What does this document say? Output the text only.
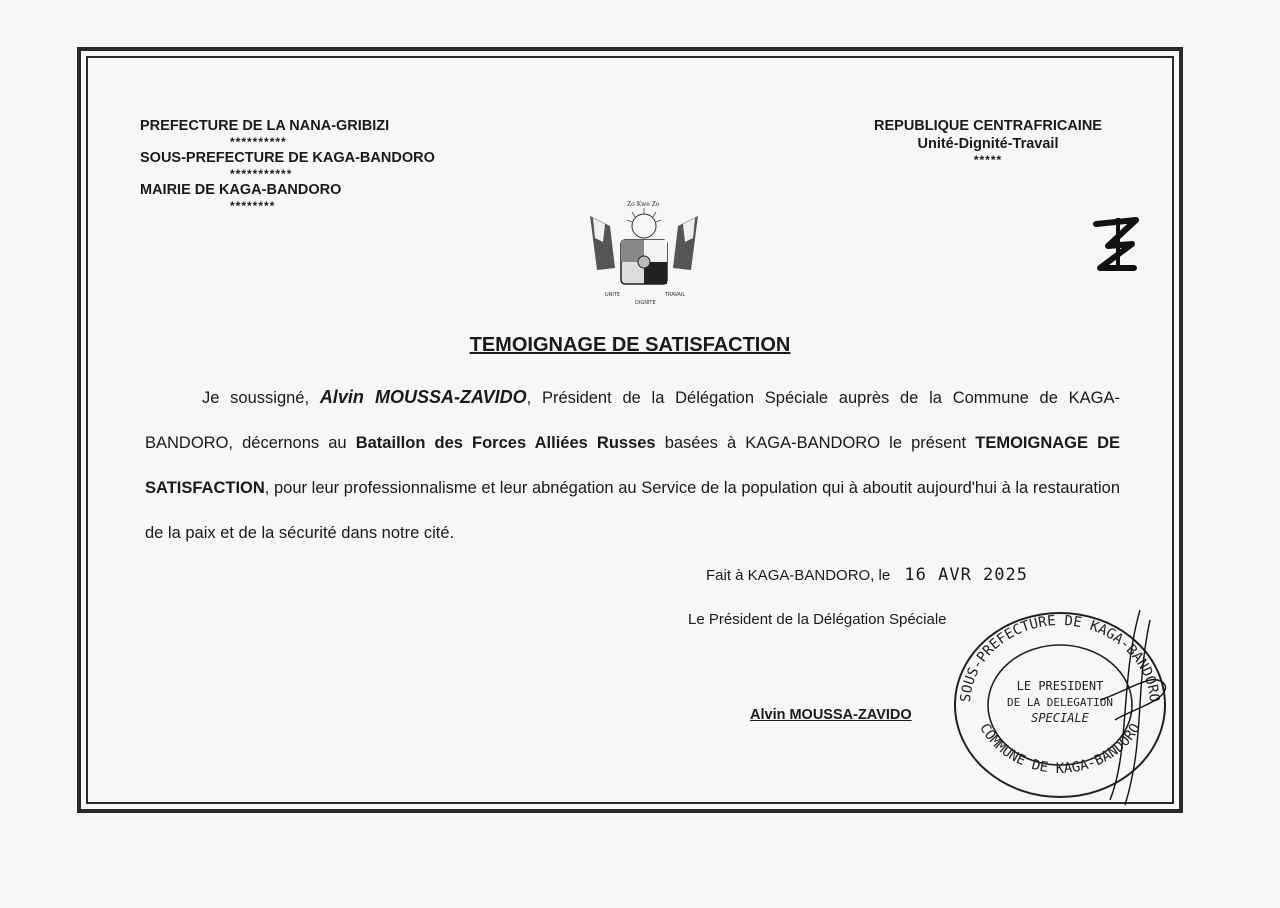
PREFECTURE DE LA NANA-GRIBIZI
**********
SOUS-PREFECTURE DE KAGA-BANDORO
***********
MAIRIE DE KAGA-BANDORO
********
REPUBLIQUE CENTRAFRICAINE
Unité-Dignité-Travail
*****
UNITE	TRAVAIL
DIGNITE
Zo Kwe Zo
TEMOIGNAGE DE SATISFACTION
Je soussigné, Alvin MOUSSA-ZAVIDO, Président de la Délégation Spéciale auprès de la Commune de KAGA-BANDORO, décernons au Bataillon des Forces Alliées Russes basées à KAGA-BANDORO le présent TEMOIGNAGE DE SATISFACTION, pour leur professionnalisme et leur abnégation au Service de la population qui à aboutit aujourd'hui à la restauration de la paix et de la sécurité dans notre cité.
Fait à KAGA-BANDORO, le 16 AVR 2025
Le Président de la Délégation Spéciale
Alvin MOUSSA-ZAVIDO
SOUS-PREFECTURE DE KAGA-BANDORO
COMMUNE DE KAGA-BANDORO
LE PRESIDENT
DE LA DELEGATION
SPECIALE
